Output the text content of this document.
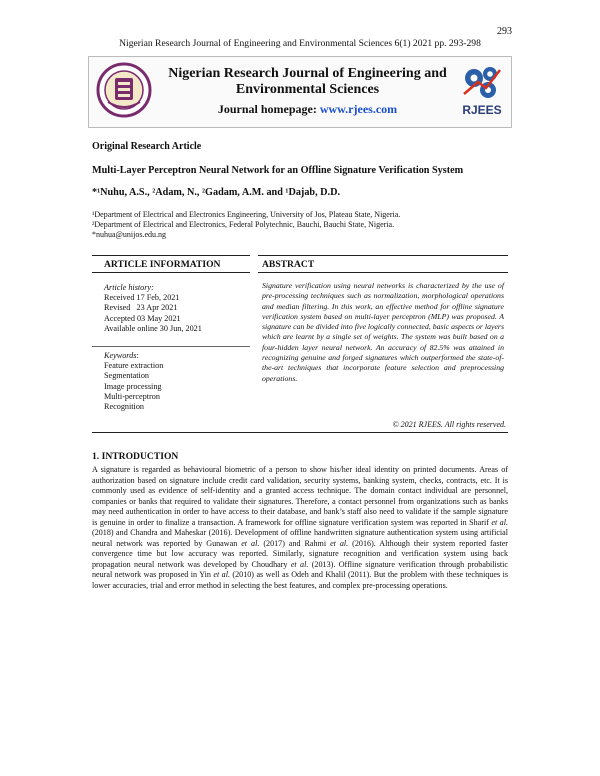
293
Nigerian Research Journal of Engineering and Environmental Sciences 6(1) 2021 pp. 293-298
Nigerian Research Journal of Engineering and
Environmental Sciences
Journal homepage: www.rjees.com	RJEES
Original Research Article
Multi-Layer Perceptron Neural Network for an Offline Signature Verification System
*¹Nuhu, A.S., ²Adam, N., ²Gadam, A.M. and ¹Dajab, D.D.
¹Department of Electrical and Electronics Engineering, University of Jos, Plateau State, Nigeria.
²Department of Electrical and Electronics, Federal Polytechnic, Bauchi, Bauchi State, Nigeria.
*nuhua@unijos.edu.ng
ARTICLE INFORMATION	ABSTRACT
Article history:
Received 17 Feb, 2021
Revised   23 Apr 2021
Accepted 03 May 2021
Available online 30 Jun, 2021
Keywords:
Feature extraction
Segmentation
Image processing
Multi-perceptron
Recognition
Signature verification using neural networks is characterized by the use of pre-processing techniques such as normalization, morphological operations and median filtering. In this work, an effective method for offline signature verification system based on multi-layer perceptron (MLP) was proposed. A signature can be divided into five logically connected, basic aspects or layers which are learnt by a single set of weights. The system was built based on a four-hidden layer neural network. An accuracy of 82.5% was attained in recognizing genuine and forged signatures which outperformed the state-of-the-art techniques that incorporate feature selection and preprocessing operations.
© 2021 RJEES. All rights reserved.
1. INTRODUCTION
A signature is regarded as behavioural biometric of a person to show his/her ideal identity on printed documents. Areas of authorization based on signature include credit card validation, security systems, banking system, checks, contracts, etc. It is commonly used as evidence of self-identity and a granted access technique. The domain contact individual are personnel, companies or banks that required to validate their signatures. Therefore, a contact personnel from organizations such as banks may need authentication in order to have access to their database, and bank’s staff also need to validate if the sample signature is genuine in order to finalize a transaction. A framework for offline signature verification system was reported in Sharif et al. (2018) and Chandra and Maheskar (2016). Development of offline handwritten signature authentication system using artificial neural network was reported by Gunawan et al. (2017) and Rahmi et al. (2016). Although their system reported faster convergence time but low accuracy was reported. Similarly, signature recognition and verification system using back propagation neural network was developed by Choudhary et al. (2013). Offline signature verification through probabilistic neural network was proposed in Yin et al. (2010) as well as Odeh and Khalil (2011). But the problem with these techniques is lower accuracies, trial and error method in selecting the best features, and complex pre-processing operations.
